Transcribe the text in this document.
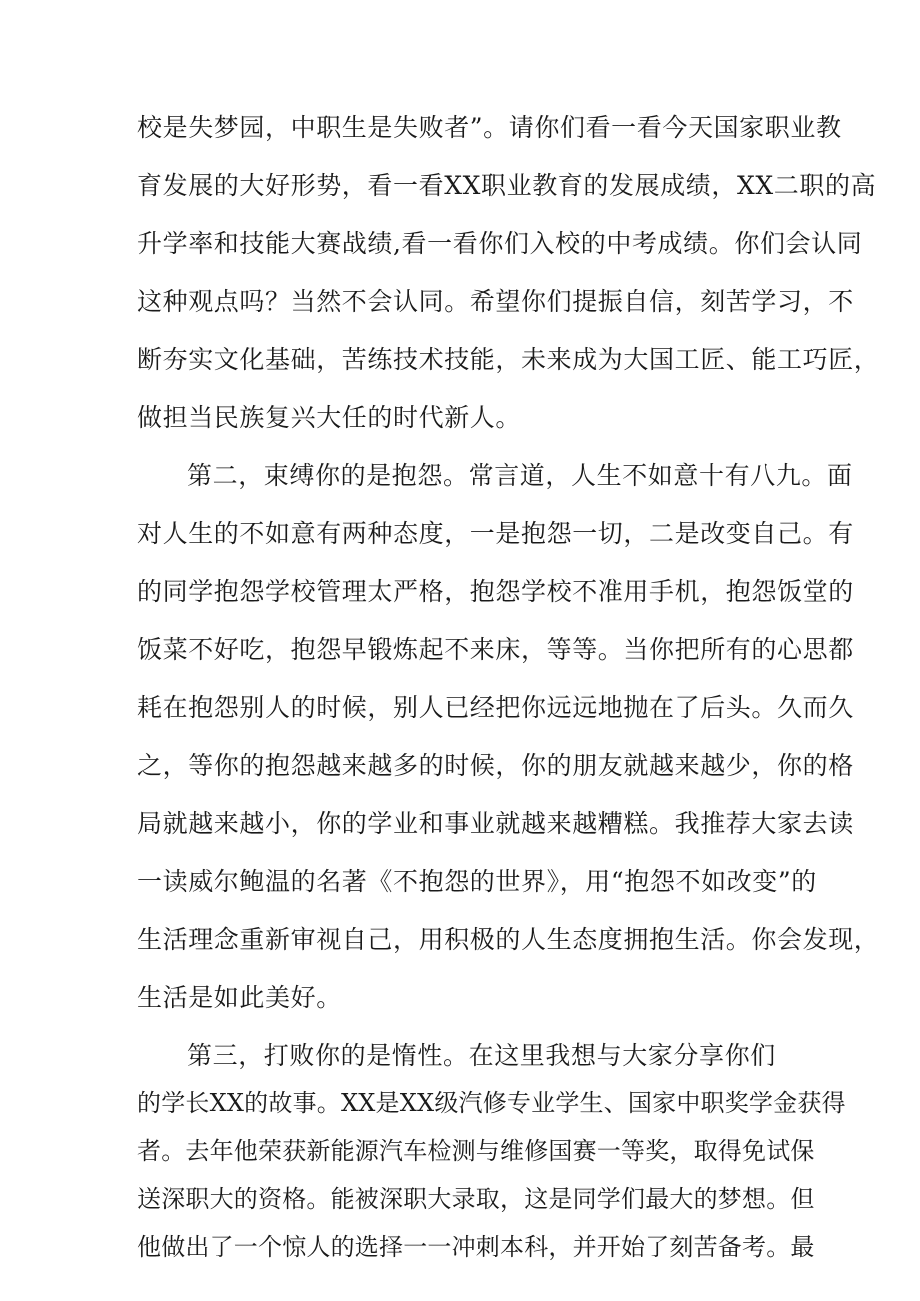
校是失梦园，中职生是失败者”。请你们看一看今天国家职业教
育发展的大好形势，看一看XX职业教育的发展成绩，XX二职的高
升学率和技能大赛战绩,看一看你们入校的中考成绩。你们会认同
这种观点吗？当然不会认同。希望你们提振自信，刻苦学习，不
断夯实文化基础，苦练技术技能，未来成为大国工匠、能工巧匠，
做担当民族复兴大任的时代新人。
第二，束缚你的是抱怨。常言道，人生不如意十有八九。面
对人生的不如意有两种态度，一是抱怨一切，二是改变自己。有
的同学抱怨学校管理太严格，抱怨学校不准用手机，抱怨饭堂的
饭菜不好吃，抱怨早锻炼起不来床，等等。当你把所有的心思都
耗在抱怨别人的时候，别人已经把你远远地抛在了后头。久而久
之，等你的抱怨越来越多的时候，你的朋友就越来越少，你的格
局就越来越小，你的学业和事业就越来越糟糕。我推荐大家去读
一读威尔鲍温的名著《不抱怨的世界》，用“抱怨不如改变”的
生活理念重新审视自己，用积极的人生态度拥抱生活。你会发现，
生活是如此美好。
第三，打败你的是惰性。在这里我想与大家分享你们
的学长XX的故事。XX是XX级汽修专业学生、国家中职奖学金获得
者。去年他荣获新能源汽车检测与维修国赛一等奖，取得免试保
送深职大的资格。能被深职大录取，这是同学们最大的梦想。但
他做出了一个惊人的选择一一冲刺本科，并开始了刻苦备考。最
